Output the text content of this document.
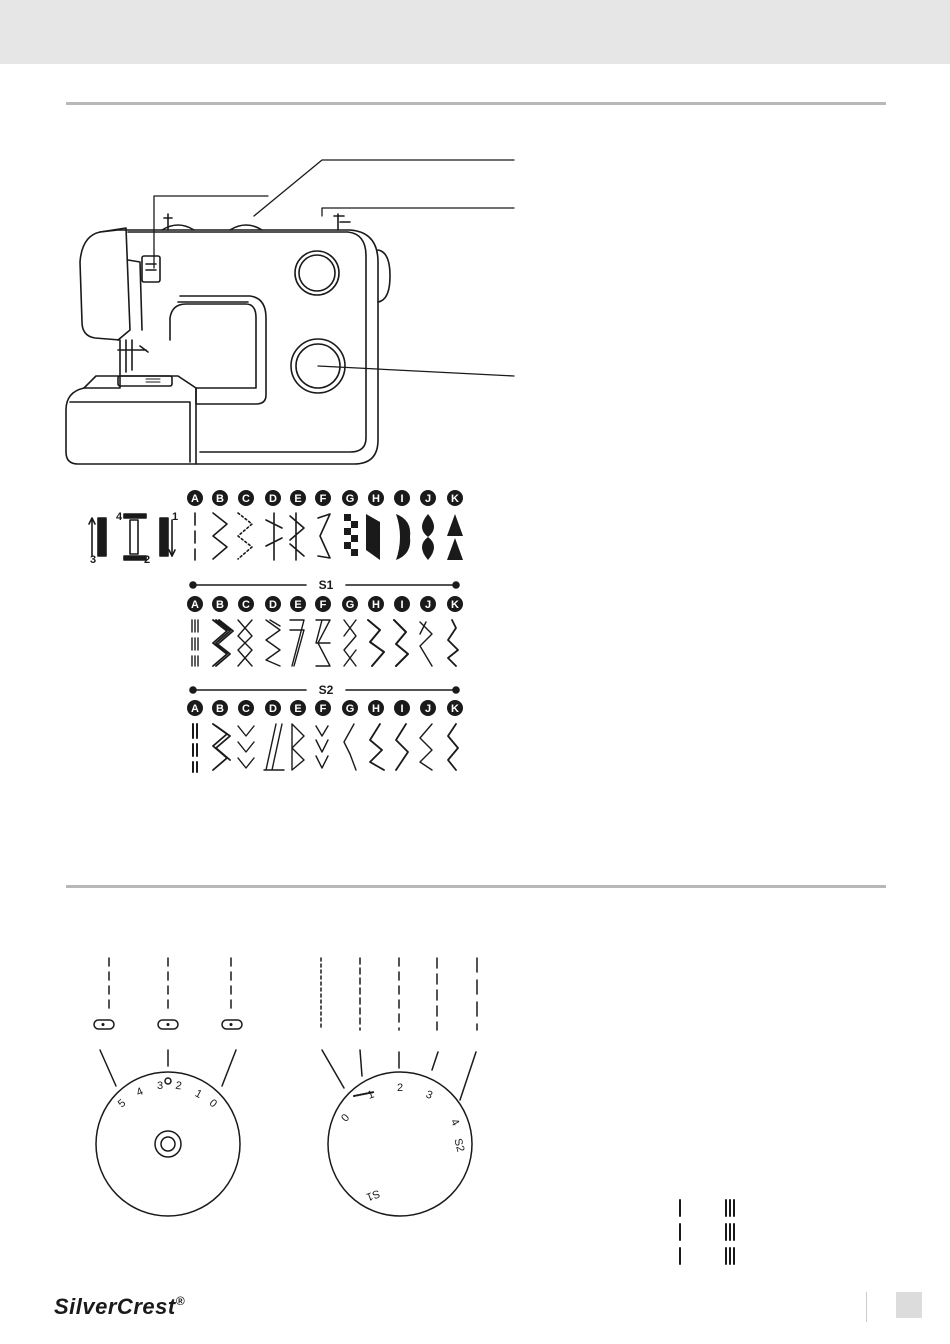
A B C D E F G H I J K
1
2
3
4
S1
S2
A B C D E F G H I J K
A B C D E F G H I J K
5
4 3 2
1
0
0
1
2
3
4
S2
S1
SilverCrest®
